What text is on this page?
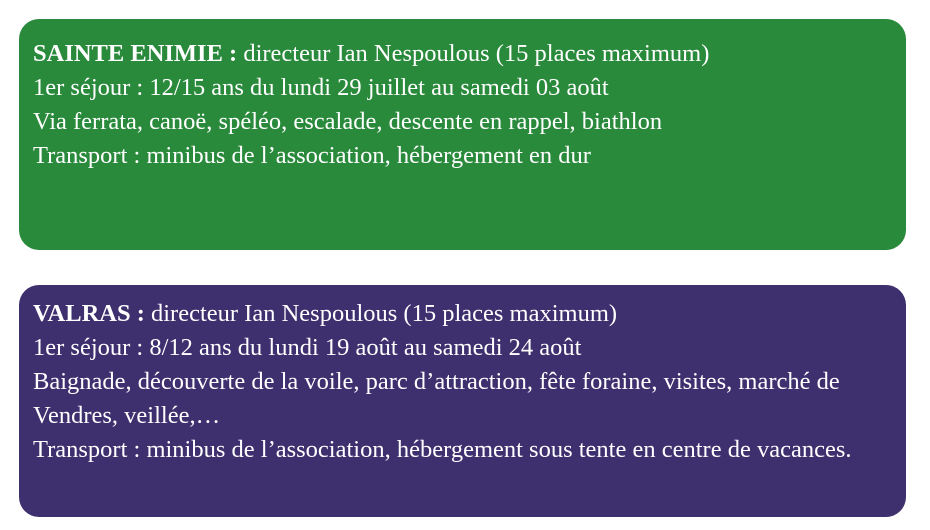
SAINTE ENIMIE : directeur Ian Nespoulous (15 places maximum)

1er séjour : 12/15 ans du lundi 29 juillet au samedi 03 août

Via ferrata, canoë, spéléo, escalade, descente en rappel, biathlon

Transport : minibus de l’association, hébergement en dur

VALRAS : directeur Ian Nespoulous (15 places maximum)

1er séjour : 8/12 ans du lundi 19 août au samedi 24 août

Baignade, découverte de la voile, parc d’attraction, fête foraine, visites, marché de Vendres, veillée,…

Transport : minibus de l’association, hébergement sous tente en centre de vacances.
